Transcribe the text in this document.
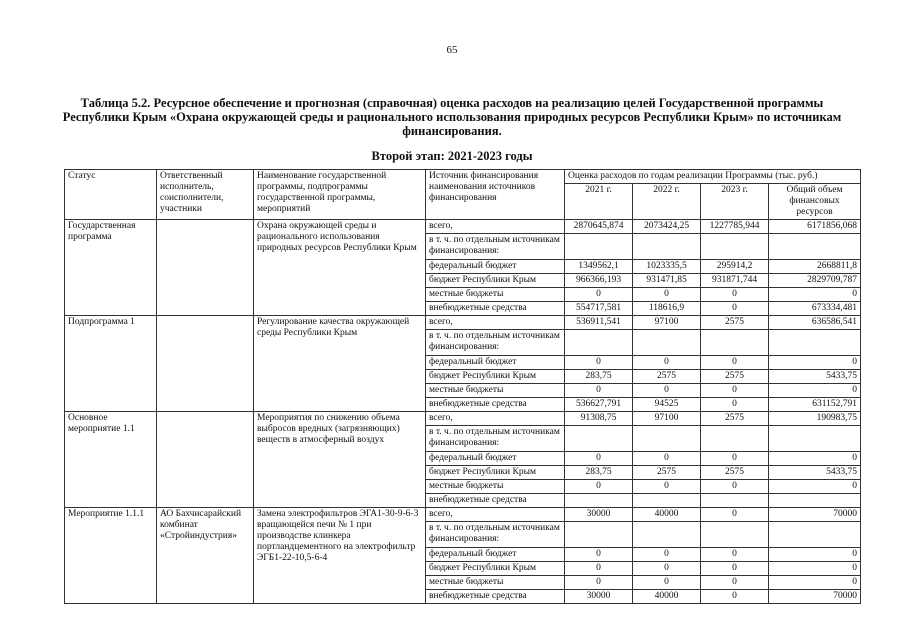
65
Таблица 5.2. Ресурсное обеспечение и прогнозная (справочная) оценка расходов на реализацию целей Государственной программы Республики Крым «Охрана окружающей среды и рационального использования природных ресурсов Республики Крым» по источникам финансирования.
Второй этап: 2021-2023 годы
Статус	Ответственный исполнитель, соисполнители, участники	Наименование государственной программы, подпрограммы государственной программы, мероприятий	Источник финансирования наименования источников финансирования	Оценка расходов по годам реализации Программы (тыс. руб.)			
				2021 г.	2022 г.	2023 г.	Общий объем финансовых ресурсов
Государственная программа		Охрана окружающей среды и рационального использования природных ресурсов Республики Крым	всего,	2870645,874	2073424,25	1227785,944	6171856,068
			в т. ч. по отдельным источникам финансирования:				
			федеральный бюджет	1349562,1	1023335,5	295914,2	2668811,8
			бюджет Республики Крым	966366,193	931471,85	931871,744	2829709,787
			местные бюджеты	0	0	0	0
			внебюджетные средства	554717,581	118616,9	0	673334,481
Подпрограмма 1		Регулирование качества окружающей среды Республики Крым	всего,	536911,541	97100	2575	636586,541
			в т. ч. по отдельным источникам финансирования:				
			федеральный бюджет	0	0	0	0
			бюджет Республики Крым	283,75	2575	2575	5433,75
			местные бюджеты	0	0	0	0
			внебюджетные средства	536627,791	94525	0	631152,791
Основное мероприятие 1.1		Мероприятия по снижению объема выбросов вредных (загрязняющих) веществ в атмосферный воздух	всего,	91308,75	97100	2575	190983,75
			в т. ч. по отдельным источникам финансирования:				
			федеральный бюджет	0	0	0	0
			бюджет Республики Крым	283,75	2575	2575	5433,75
			местные бюджеты	0	0	0	0
			внебюджетные средства				
Мероприятие 1.1.1	АО Бахчисарайский комбинат «Стройиндустрия»	Замена электрофильтров ЭГА1-30-9-6-3 вращающейся печи № 1 при производстве клинкера портландцементного на электрофильтр ЭГБ1-22-10,5-6-4	всего,	30000	40000	0	70000
			в т. ч. по отдельным источникам финансирования:				
			федеральный бюджет	0	0	0	0
			бюджет Республики Крым	0	0	0	0
			местные бюджеты	0	0	0	0
			внебюджетные средства	30000	40000	0	70000
